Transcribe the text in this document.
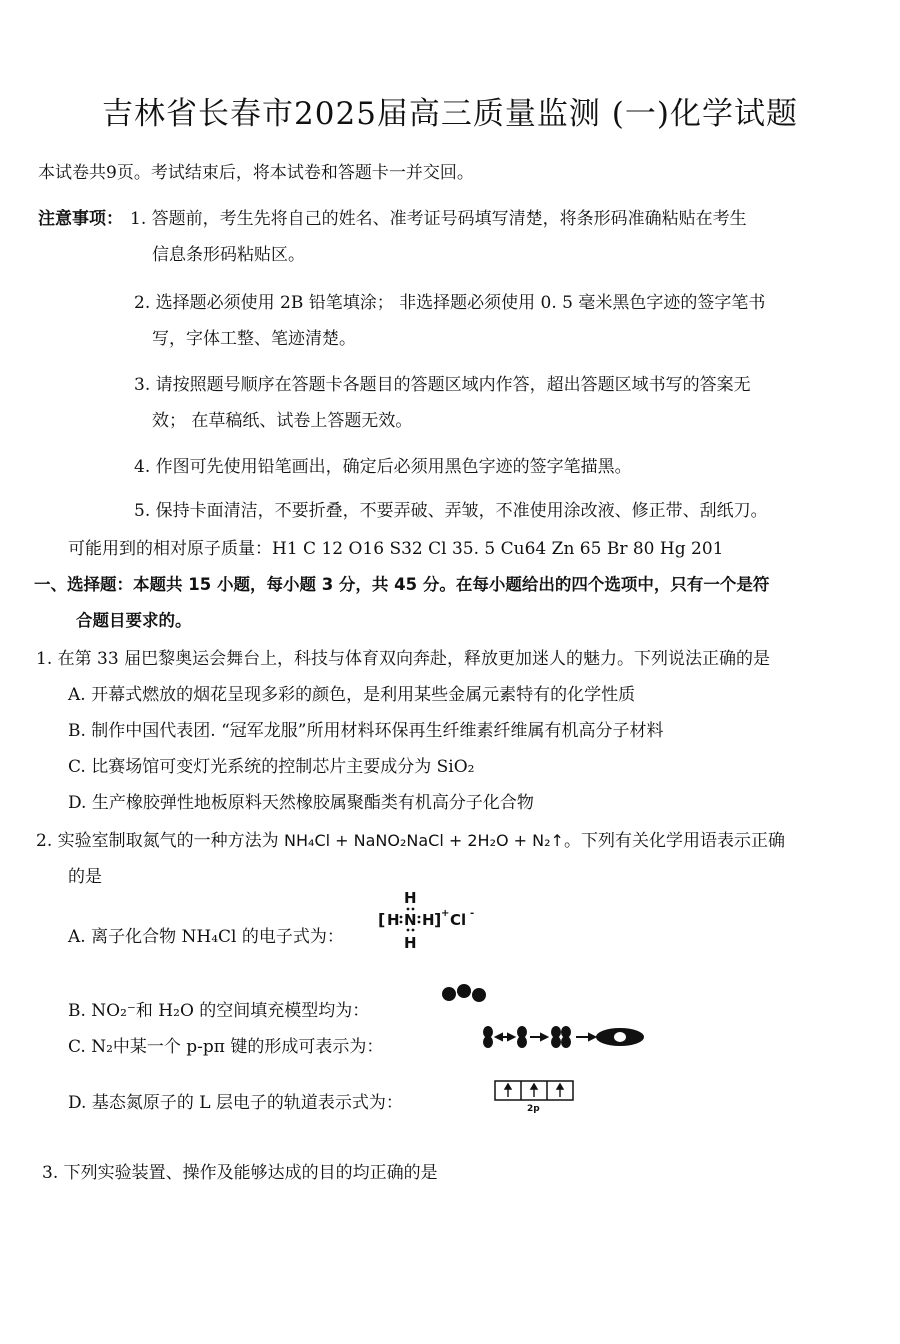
吉林省长春市2025届高三质量监测 (一)化学试题
本试卷共9页。考试结束后，将本试卷和答题卡一并交回。
注意事项： 1. 答题前，考生先将自己的姓名、准考证号码填写清楚，将条形码准确粘贴在考生
信息条形码粘贴区。
2. 选择题必须使用 2B 铅笔填涂； 非选择题必须使用 0. 5 毫米黑色字迹的签字笔书
写，字体工整、笔迹清楚。
3. 请按照题号顺序在答题卡各题目的答题区域内作答，超出答题区域书写的答案无
效； 在草稿纸、试卷上答题无效。
4. 作图可先使用铅笔画出，确定后必须用黑色字迹的签字笔描黑。
5. 保持卡面清洁，不要折叠，不要弄破、弄皱，不准使用涂改液、修正带、刮纸刀。
可能用到的相对原子质量：H1 C 12 O16 S32 Cl 35. 5 Cu64 Zn 65 Br 80 Hg 201
一、选择题：本题共 15 小题，每小题 3 分，共 45 分。在每小题给出的四个选项中，只有一个是符
合题目要求的。
1. 在第 33 届巴黎奥运会舞台上，科技与体育双向奔赴，释放更加迷人的魅力。下列说法正确的是
A. 开幕式燃放的烟花呈现多彩的颜色，是利用某些金属元素特有的化学性质
B. 制作中国代表团. “冠军龙服”所用材料环保再生纤维素纤维属有机高分子材料
C. 比赛场馆可变灯光系统的控制芯片主要成分为 SiO₂
D. 生产橡胶弹性地板原料天然橡胶属聚酯类有机高分子化合物
2. 实验室制取氮气的一种方法为 NH₄Cl + NaNO₂NaCl + 2H₂O + N₂↑。下列有关化学用语表示正确
的是
A. 离子化合物 NH₄Cl 的电子式为：
H
[ H N H ] + Cl -
H
B. NO₂⁻和 H₂O 的空间填充模型均为：
C. N₂中某一个 p-pπ 键的形成可表示为：
D. 基态氮原子的 L 层电子的轨道表示式为：	2p
3. 下列实验装置、操作及能够达成的目的均正确的是
